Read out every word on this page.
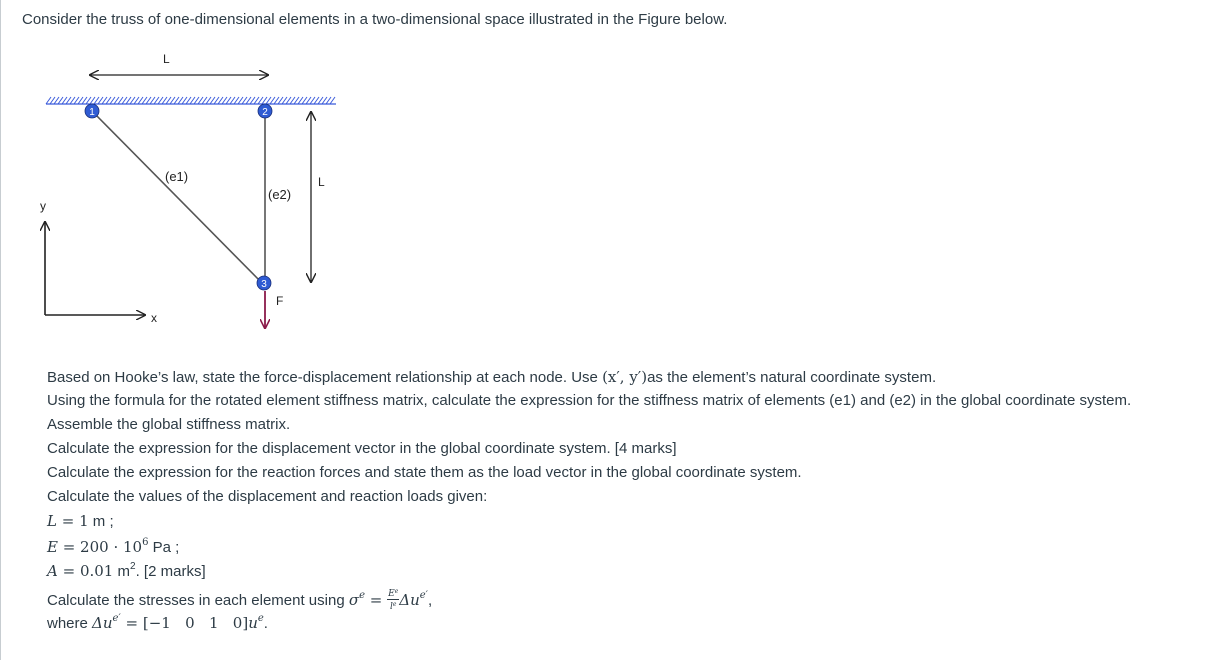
Consider the truss of one-dimensional elements in a two-dimensional space illustrated in the Figure below.
L
(e1)
(e2)
L
1	2
3
F
y
x
Based on Hooke’s law, state the force-displacement relationship at each node. Use (x′, y′)as the element’s natural coordinate system.
Using the formula for the rotated element stiffness matrix, calculate the expression for the stiffness matrix of elements (e1) and (e2) in the global coordinate system.
Assemble the global stiffness matrix.
Calculate the expression for the displacement vector in the global coordinate system. [4 marks]
Calculate the expression for the reaction forces and state them as the load vector in the global coordinate system.
Calculate the values of the displacement and reaction loads given:
L = 1 m ;
$E = 200 \cdot 10^6$ Pa ;
A = 0.01 $m^2$. [2 marks]
Calculate the stresses in each element using $\sigma^e = \frac{E^e}{l^e} \Delta u^{e'}$,
where $\Delta u^{e'} = [-1$   0   1   $0]u^e$.
